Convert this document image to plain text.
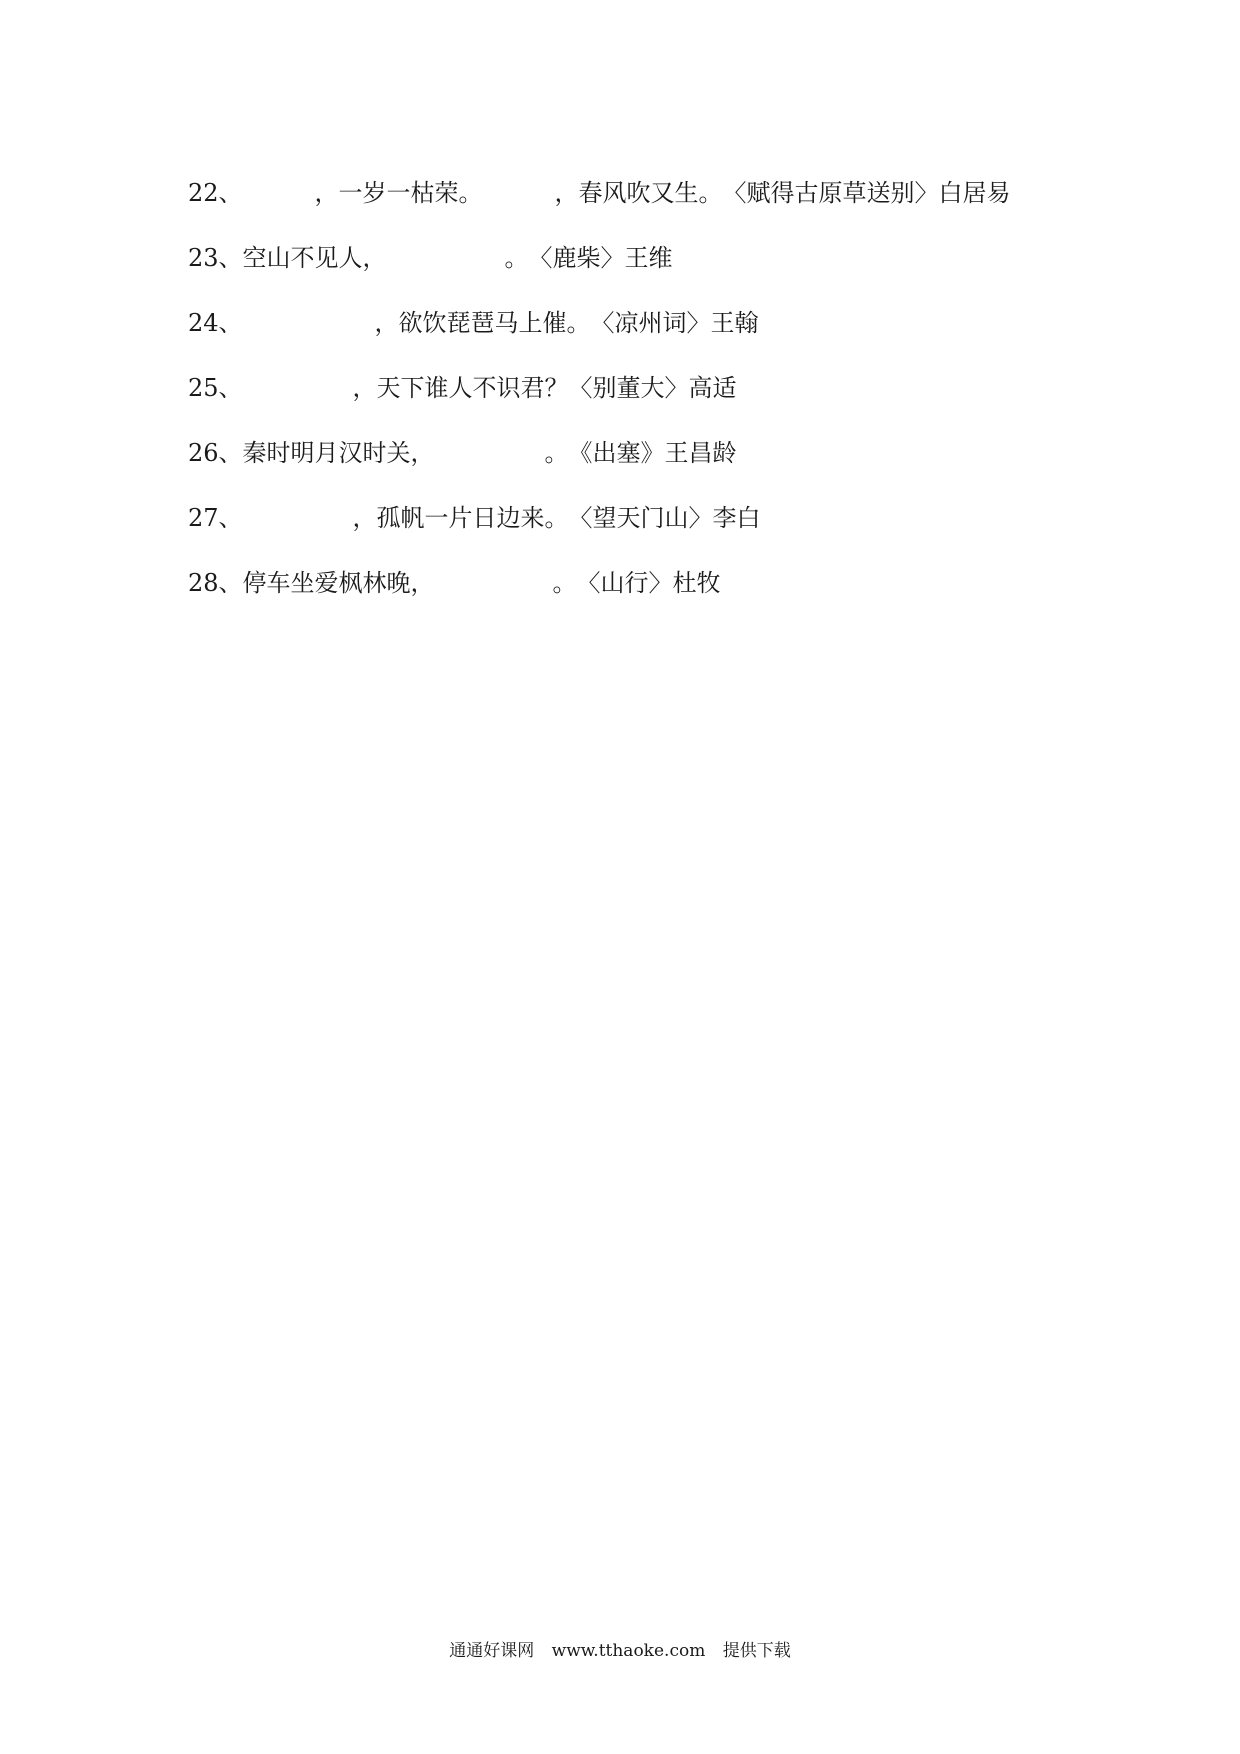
22、	，一岁一枯荣。	，春风吹又生。 〈赋得古原草送别〉白居易
23、 空山不见人，	。 〈鹿柴〉王维
24、	，欲饮琵琶马上催。 〈凉州词〉王翰
25、	，天下谁人不识君？ 〈别董大〉高适
26、 秦时明月汉时关，	。 《出塞》王昌龄
27、	，孤帆一片日边来。 〈望天门山〉李白
28、 停车坐爱枫林晚，	。 〈山行〉杜牧
通通好课网 www.tthaoke.com 提供下载
